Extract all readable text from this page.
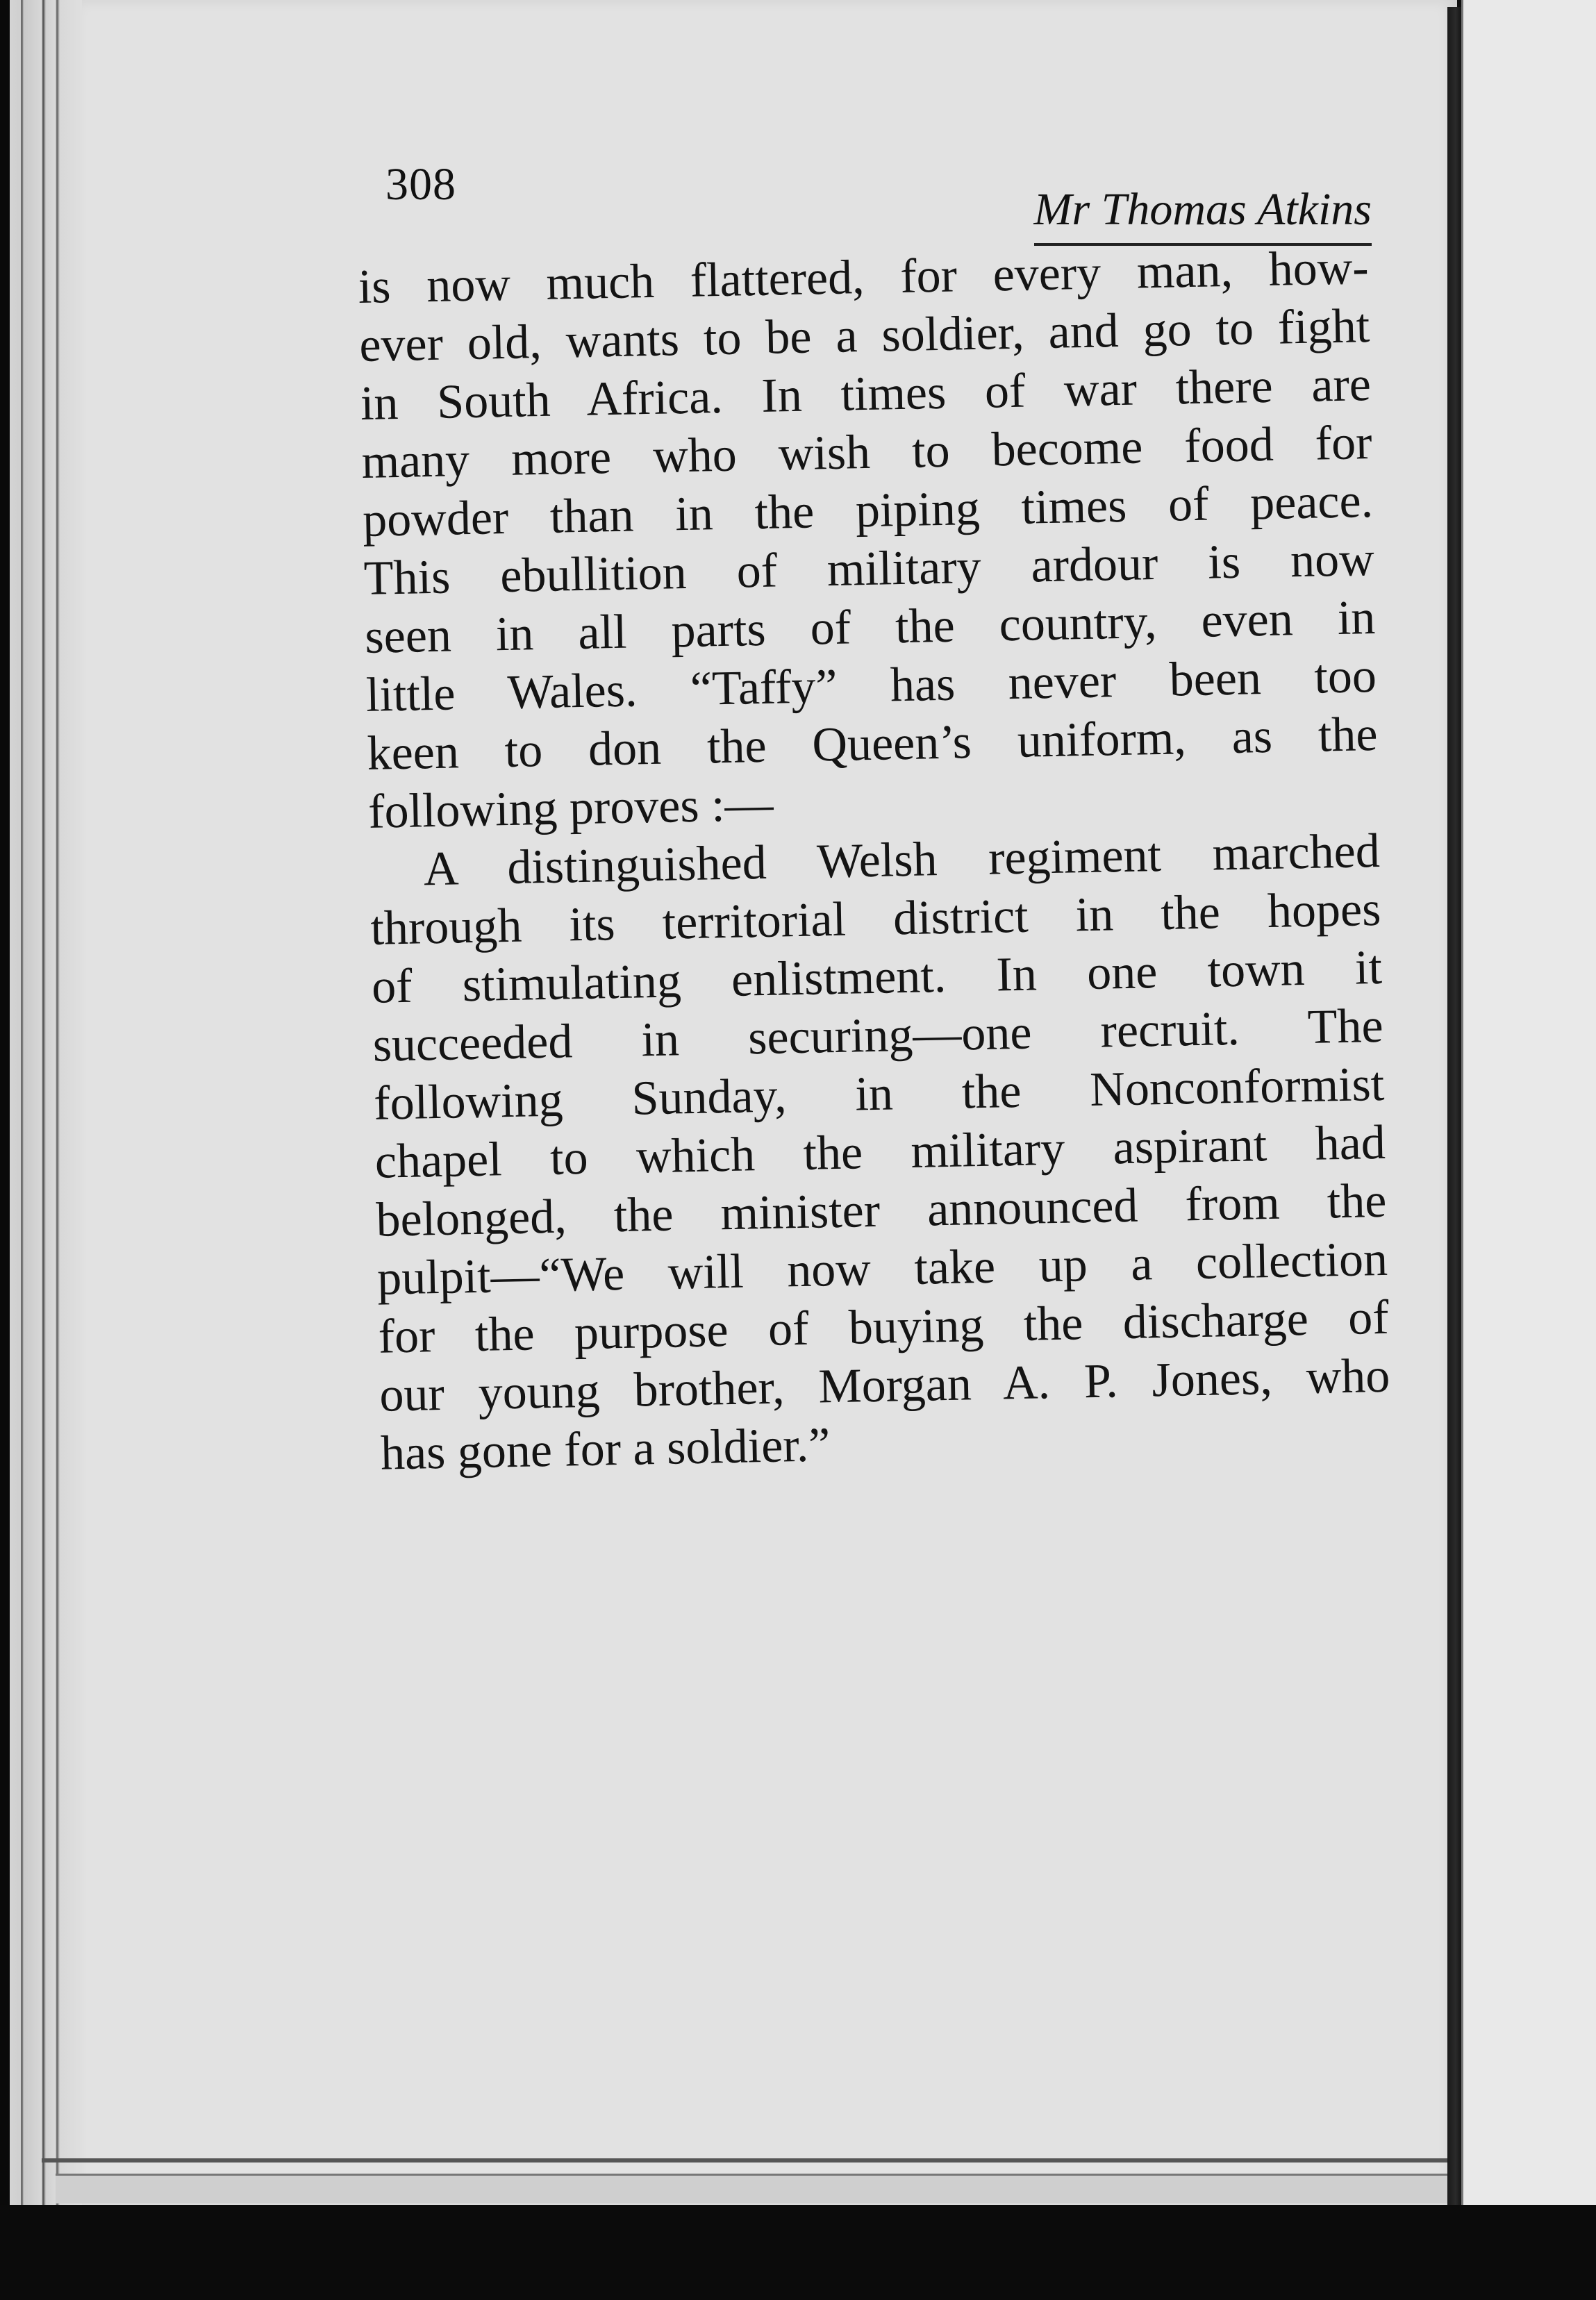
308	Mr Thomas Atkins
is now much flattered, for every man, how-
ever old, wants to be a soldier, and go to fight
in South Africa. In times of war there are
many more who wish to become food for
powder than in the piping times of peace.
This ebullition of military ardour is now
seen in all parts of the country, even in
little Wales. “Taffy” has never been too
keen to don the Queen’s uniform, as the
following proves :—
A distinguished Welsh regiment marched
through its territorial district in the hopes
of stimulating enlistment. In one town it
succeeded in securing—one recruit. The
following Sunday, in the Nonconformist
chapel to which the military aspirant had
belonged, the minister announced from the
pulpit—“We will now take up a collection
for the purpose of buying the discharge of
our young brother, Morgan A. P. Jones, who
has gone for a soldier.”
